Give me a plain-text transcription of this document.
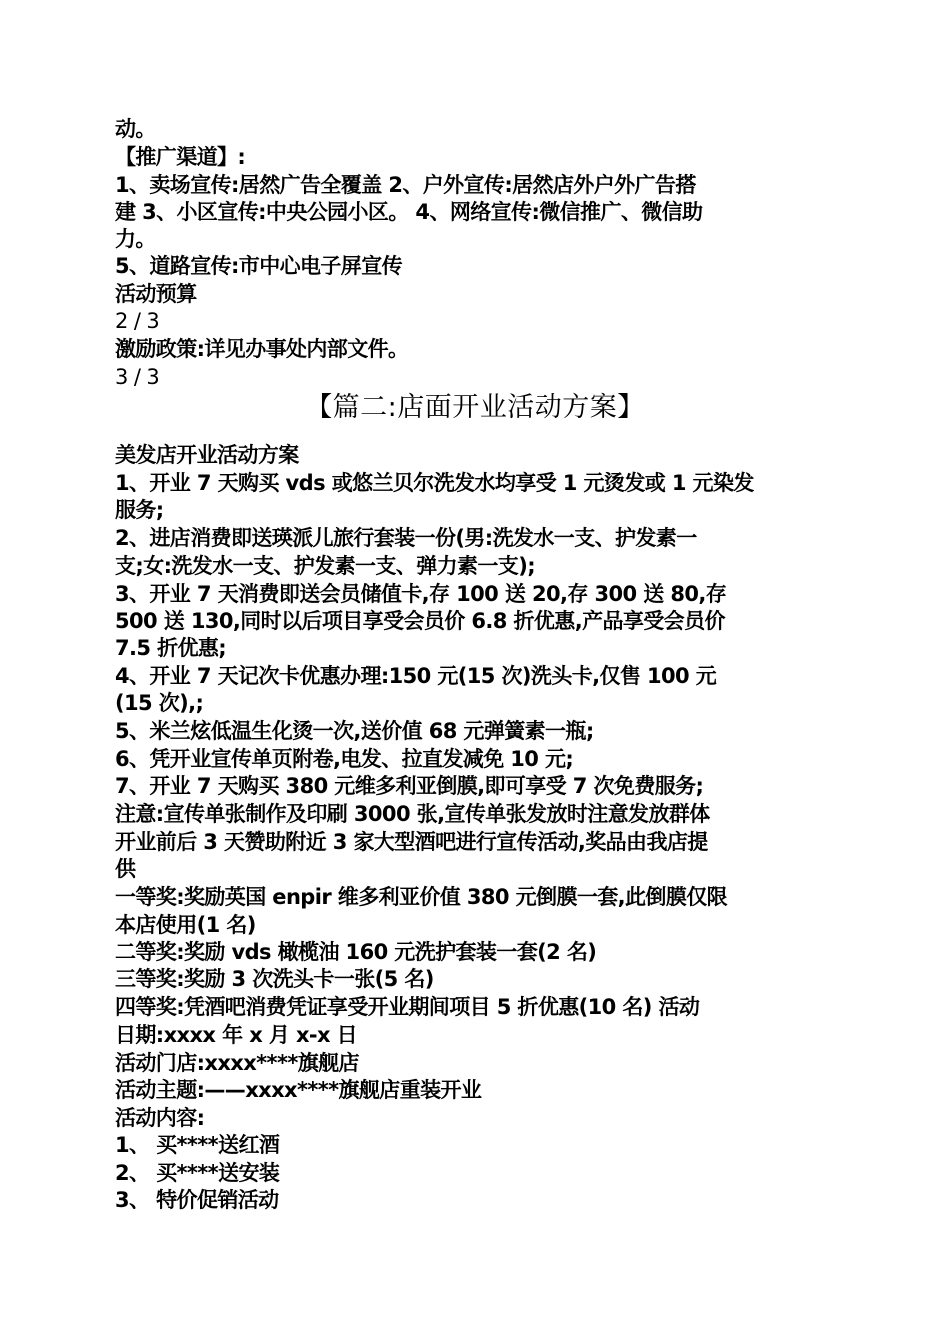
动。
【推广渠道】:
1、卖场宣传:居然广告全覆盖 2、户外宣传:居然店外户外广告搭
建 3、小区宣传:中央公园小区。 4、网络宣传:微信推广、微信助
力。
5、道路宣传:市中心电子屏宣传
活动预算
2 / 3
激励政策:详见办事处内部文件。
3 / 3
【篇二:店面开业活动方案】
美发店开业活动方案
1、开业 7 天购买 vds 或悠兰贝尔洗发水均享受 1 元烫发或 1 元染发
服务;
2、进店消费即送瑛派儿旅行套装一份(男:洗发水一支、护发素一
支;女:洗发水一支、护发素一支、弹力素一支);
3、开业 7 天消费即送会员储值卡,存 100 送 20,存 300 送 80,存
500 送 130,同时以后项目享受会员价 6.8 折优惠,产品享受会员价
7.5 折优惠;
4、开业 7 天记次卡优惠办理:150 元(15 次)洗头卡,仅售 100 元
(15 次),;
5、米兰炫低温生化烫一次,送价值 68 元弹簧素一瓶;
6、凭开业宣传单页附卷,电发、拉直发减免 10 元;
7、开业 7 天购买 380 元维多利亚倒膜,即可享受 7 次免费服务;
注意:宣传单张制作及印刷 3000 张,宣传单张发放时注意发放群体
开业前后 3 天赞助附近 3 家大型酒吧进行宣传活动,奖品由我店提
供
一等奖:奖励英国 enpir 维多利亚价值 380 元倒膜一套,此倒膜仅限
本店使用(1 名)
二等奖:奖励 vds 橄榄油 160 元洗护套装一套(2 名)
三等奖:奖励 3 次洗头卡一张(5 名)
四等奖:凭酒吧消费凭证享受开业期间项目 5 折优惠(10 名) 活动
日期:xxxx 年 x 月 x-x 日
活动门店:xxxx****旗舰店
活动主题:——xxxx****旗舰店重装开业
活动内容:
1、 买****送红酒
2、 买****送安装
3、 特价促销活动
